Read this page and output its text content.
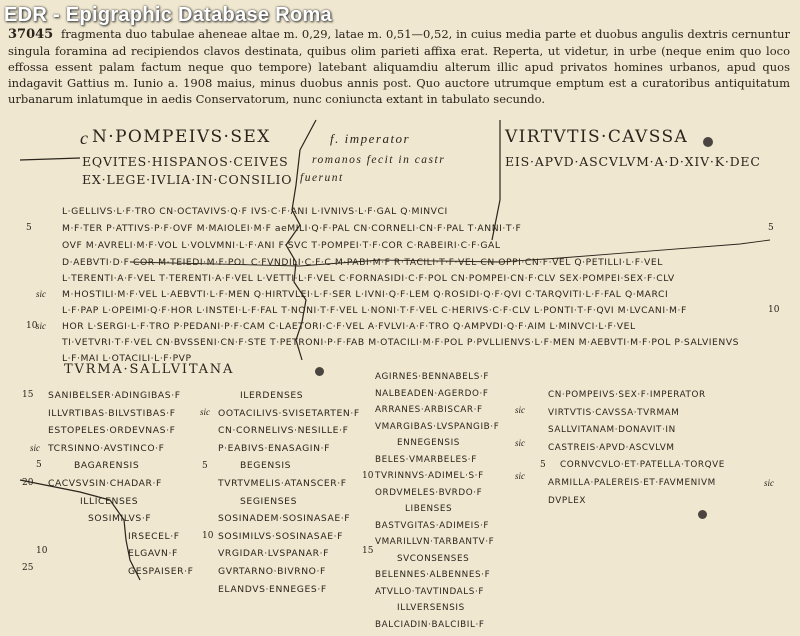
EDR - Epigraphic Database Roma
37045 fragmenta duo tabulae aheneae altae m. 0,29, latae m. 0,51—0,52, in cuius media parte et duobus angulis dextris cernuntur singula foramina ad recipiendos clavos destinata, quibus olim parieti affixa erat. Reperta, ut videtur, in urbe (neque enim quo loco effossa essent palam factum neque quo tempore) latebant aliquamdiu alterum illic apud privatos homines urbanos, apud quos indagavit Gattius m. Iunio a. 1908 maius, minus duobus annis post. Quo auctore utrumque emptum est a curatoribus antiquitatum urbanarum inlatumque in aedis Conservatorum, nunc coniuncta extant in tabulato secundo.
c N·POMPEIVS·SEX	f. imperator	VIRTVTIS·CAVSSA
EQVITES·HISPANOS·CEIVES romanos fecit in castr	EIS·APVD·ASCVLVM·A·D·XIV·K·DEC
EX·LEGE·IVLIA·IN·CONSILIO fuerunt
L·GELLIVS·L·F·TRO CN·OCTAVIVS·Q·F IVS·C·F·ANI L·IVNIVS·L·F·GAL Q·MINVCI
M·F·TER P·ATTIVS·P·F·OVF M·MAIOLEI·M·F aeMILI·Q·F·PAL CN·CORNELI·CN·F·PAL T·ANNI·T·F
OVF M·AVRELI·M·F·VOL L·VOLVMNI·L·F·ANI F·SVC T·POMPEI·T·F·COR C·RABEIRI·C·F·GAL
D·AEBVTI·D·F·COR M·TEIEDI·M·F·POL C·FVNDILI·C·F·C M·PABI·M·F R·TACILI·T·F·VEL CN·OPPI·CN·F·VEL Q·PETILLI·L·F·VEL
L·TERENTI·A·F·VEL T·TERENTI·A·F·VEL L·VETTI·L·F·VEL C·FORNASIDI·C·F·POL CN·POMPEI·CN·F·CLV SEX·POMPEI·SEX·F·CLV
M·HOSTILI·M·F·VEL L·AEBVTI·L·F·MEN Q·HIRTVLEI·L·F·SER L·IVNI·Q·F·LEM Q·ROSIDI·Q·F·QVI C·TARQVITI·L·F·FAL Q·MARCI
L·F·PAP L·OPEIMI·Q·F·HOR L·INSTEI·L·F·FAL T·NONI·T·F·VEL L·NONI·T·F·VEL C·HERIVS·C·F·CLV L·PONTI·T·F·QVI M·LVCANI·M·F
HOR L·SERGI·L·F·TRO P·PEDANI·P·F·CAM C·LAETORI·C·F·VEL A·FVLVI·A·F·TRO Q·AMPVDI·Q·F·AIM L·MINVCI·L·F·VEL
TI·VETVRI·T·F·VEL CN·BVSSENI·CN·F·STE T·PETRONI·P·F·FAB M·OTACILI·M·F·POL P·PVLLIENVS·L·F·MEN M·AEBVTI·M·F·POL P·SALVIENVS
L·F·MAI L·OTACILI·L·F·PVP
5	5
10
10
sic
sic
TVRMA·SALLVITANA
SANIBELSER·ADINGIBAS·F
ILLVRTIBAS·BILVSTIBAS·F
ESTOPELES·ORDEVNAS·F
TCRSINNO·AVSTINCO·F
BAGARENSIS
CACVSVSIN·CHADAR·F
ILLICENSES
SOSIMILVS·F
IRSECEL·F
ELGAVN·F
GESPAISER·F
15
sic
5
20
10
25
ILERDENSES
OOTACILIVS·SVISETARTEN·F
CN·CORNELIVS·NESILLE·F
P·EABIVS·ENASAGIN·F
BEGENSIS
TVRTVMELIS·ATANSCER·F
SEGIENSES
SOSINADEM·SOSINASAE·F
SOSIMILVS·SOSINASAE·F
VRGIDAR·LVSPANAR·F
GVRTARNO·BIVRNO·F
ELANDVS·ENNEGES·F
sic
5
10
AGIRNES·BENNABELS·F
NALBEADEN·AGERDO·F
ARRANES·ARBISCAR·F
VMARGIBAS·LVSPANGIB·F
ENNEGENSIS
BELES·VMARBELES·F
TVRINNVS·ADIMEL·S·F
ORDVMELES·BVRDO·F
LIBENSES
BASTVGITAS·ADIMEIS·F
VMARILLVN·TARBANTV·F
SVCONSENSES
BELENNES·ALBENNES·F
ATVLLO·TAVTINDALS·F
ILLVERSENSIS
BALCIADIN·BALCIBIL·F
sic
sic
10	sic
15
CN·POMPEIVS·SEX·F·IMPERATOR
VIRTVTIS·CAVSSA·TVRMAM
SALLVITANAM·DONAVIT·IN
CASTREIS·APVD·ASCVLVM
CORNVCVLO·ET·PATELLA·TORQVE
ARMILLA·PALEREIS·ET·FAVMENIVM
DVPLEX
5
sic
